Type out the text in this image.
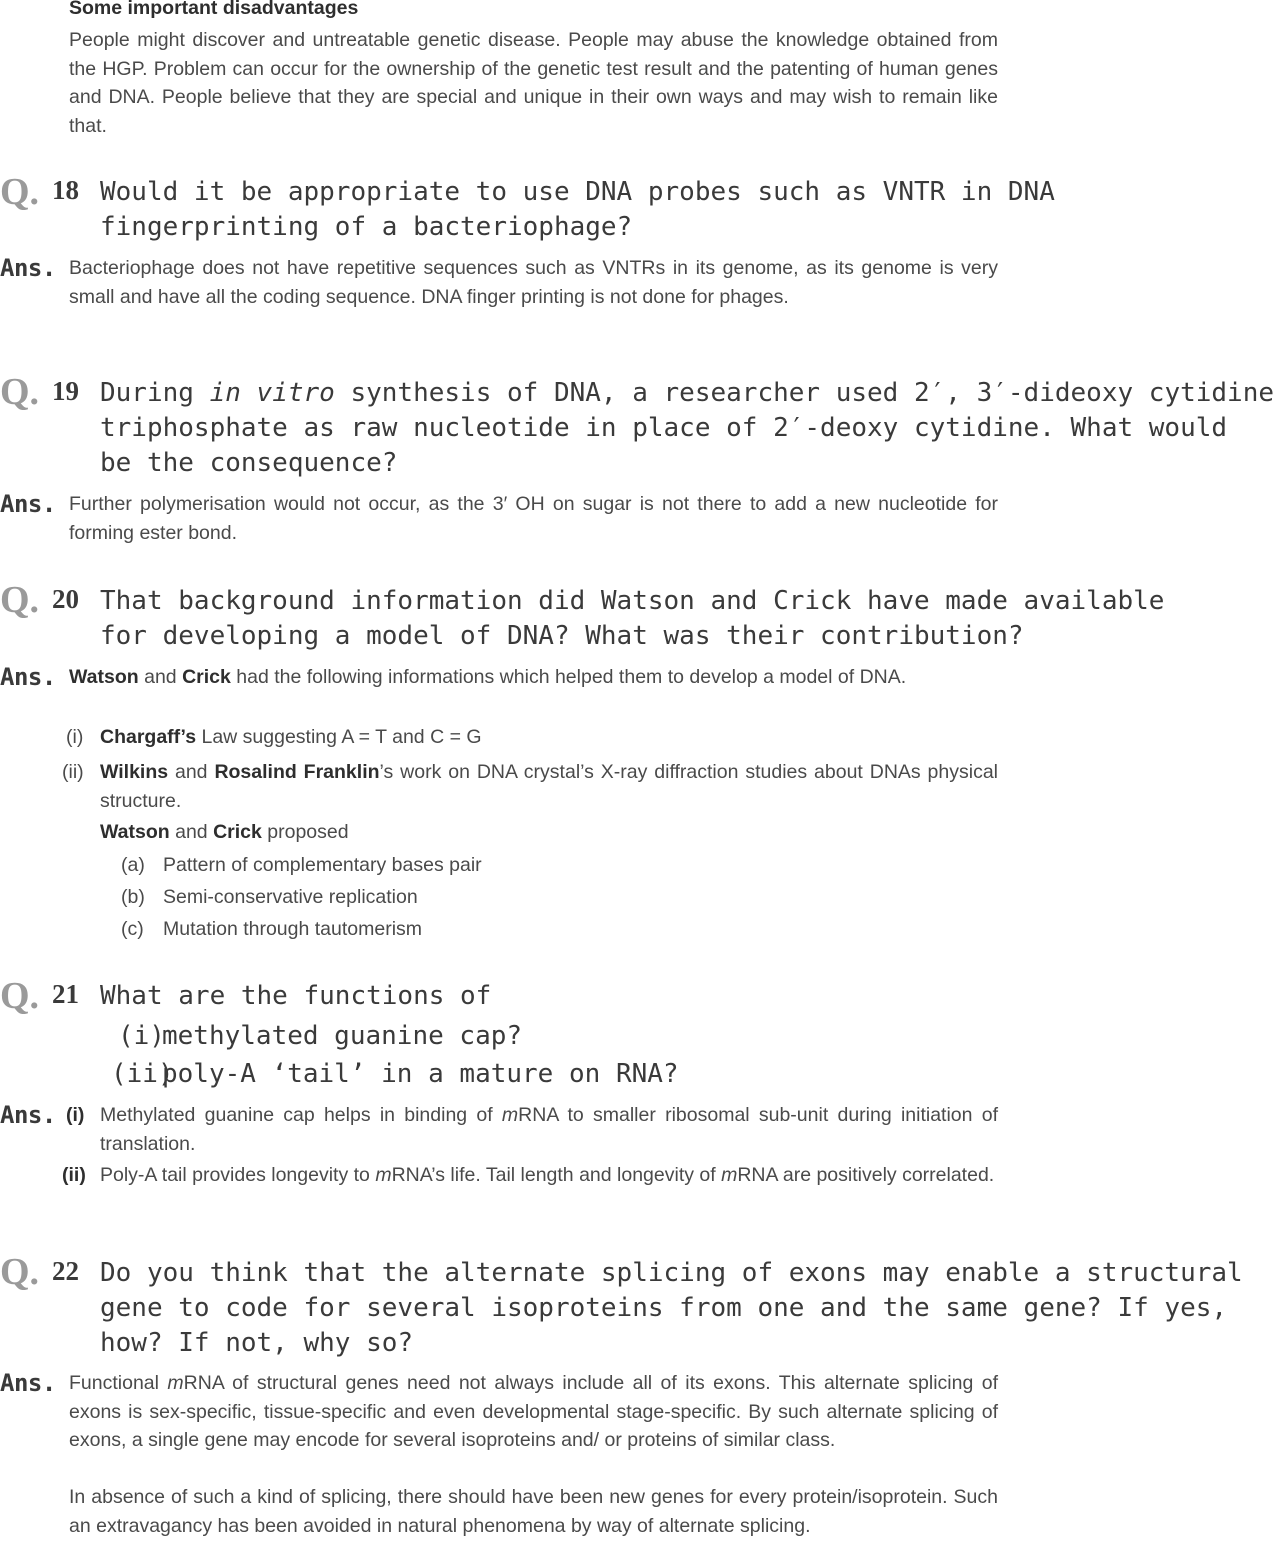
Some important disadvantages
People might discover and untreatable genetic disease. People may abuse the knowledge obtained from the HGP. Problem can occur for the ownership of the genetic test result and the patenting of human genes and DNA. People believe that they are special and unique in their own ways and may wish to remain like that.
Q. 18 Would it be appropriate to use DNA probes such as VNTR in DNA
fingerprinting of a bacteriophage?
Ans. Bacteriophage does not have repetitive sequences such as VNTRs in its genome, as its genome is very small and have all the coding sequence. DNA finger printing is not done for phages.
Q. 19 During in vitro synthesis of DNA, a researcher used 2′, 3′-dideoxy cytidine
triphosphate as raw nucleotide in place of 2′-deoxy cytidine. What would
be the consequence?
Ans. Further polymerisation would not occur, as the 3′ OH on sugar is not there to add a new nucleotide for forming ester bond.
Q. 20 That background information did Watson and Crick have made available
for developing a model of DNA? What was their contribution?
Ans. Watson and Crick had the following informations which helped them to develop a model of DNA.
(i) Chargaff’s Law suggesting A = T and C = G
(ii) Wilkins and Rosalind Franklin’s work on DNA crystal’s X-ray diffraction studies about DNAs physical structure.
Watson and Crick proposed
(a) Pattern of complementary bases pair
(b) Semi-conservative replication
(c) Mutation through tautomerism
Q. 21 What are the functions of
(i)
methylated guanine cap?
(ii)
poly-A ‘tail’ in a mature on RNA?
Ans. (i) Methylated guanine cap helps in binding of mRNA to smaller ribosomal sub-unit during initiation of translation.
(ii) Poly-A tail provides longevity to mRNA’s life. Tail length and longevity of mRNA are positively correlated.
Q. 22 Do you think that the alternate splicing of exons may enable a structural
gene to code for several isoproteins from one and the same gene? If yes,
how? If not, why so?
Ans. Functional mRNA of structural genes need not always include all of its exons. This alternate splicing of exons is sex-specific, tissue-specific and even developmental stage-specific. By such alternate splicing of exons, a single gene may encode for several isoproteins and/ or proteins of similar class.
In absence of such a kind of splicing, there should have been new genes for every protein/isoprotein. Such an extravagancy has been avoided in natural phenomena by way of alternate splicing.
